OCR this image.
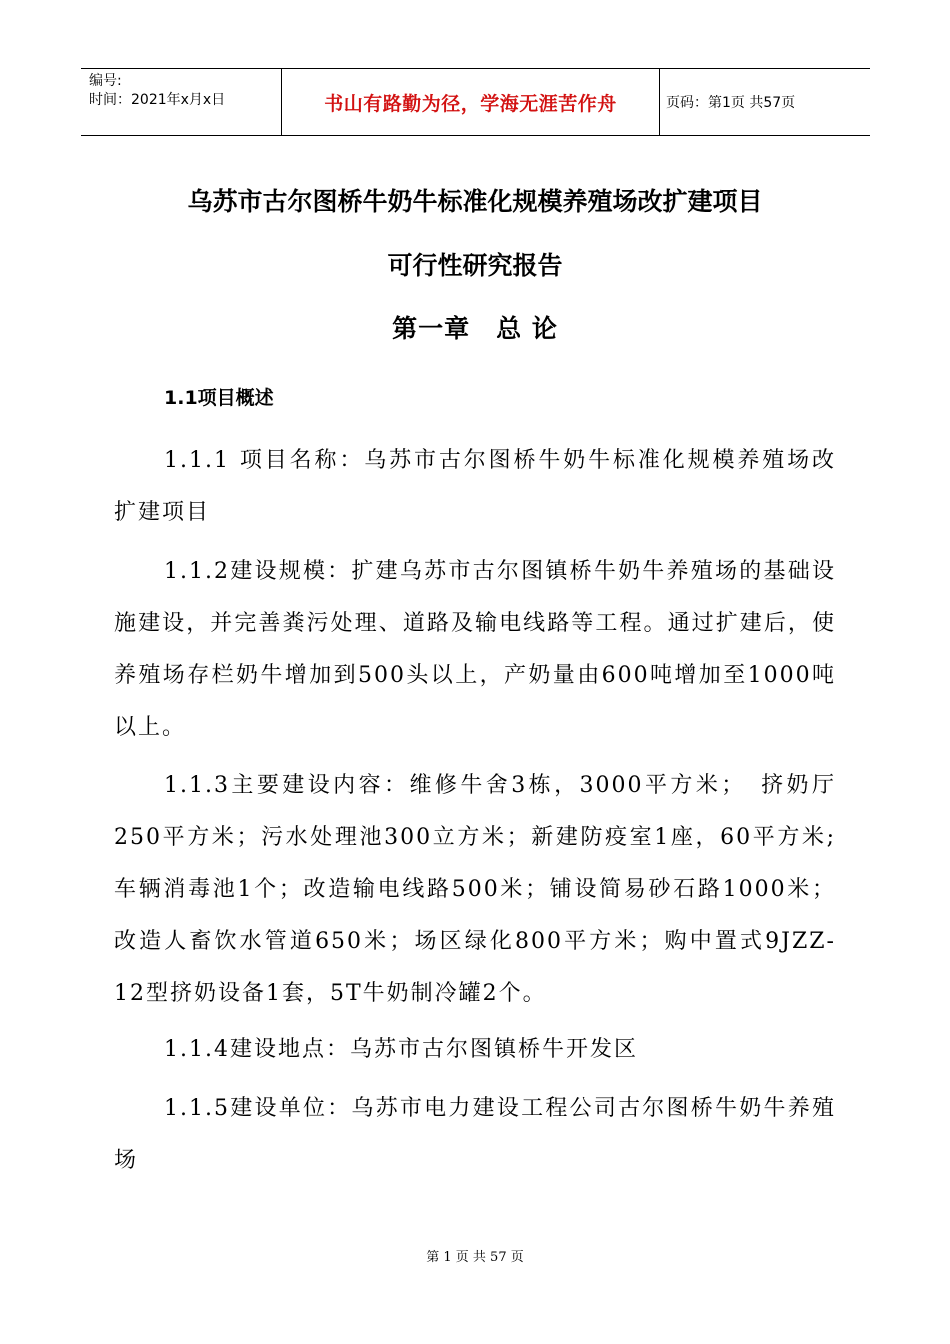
编号:
时间：2021年x月x日	书山有路勤为径，学海无涯苦作舟	页码：第1页 共57页
乌苏市古尔图桥牛奶牛标准化规模养殖场改扩建项目
可行性研究报告
第一章　总 论
1.1项目概述

1.1.1 项目名称：乌苏市古尔图桥牛奶牛标准化规模养殖场改扩建项目

1.1.2建设规模：扩建乌苏市古尔图镇桥牛奶牛养殖场的基础设施建设，并完善粪污处理、道路及输电线路等工程。通过扩建后，使养殖场存栏奶牛增加到500头以上，产奶量由600吨增加至1000吨以上。

1.1.3主要建设内容：维修牛舍3栋，3000平方米；　挤奶厅250平方米；污水处理池300立方米；新建防疫室1座，60平方米;车辆消毒池1个；改造输电线路500米；铺设简易砂石路1000米；改造人畜饮水管道650米；场区绿化800平方米；购中置式9JZZ-12型挤奶设备1套，5T牛奶制冷罐2个。

1.1.4建设地点：乌苏市古尔图镇桥牛开发区

1.1.5建设单位：乌苏市电力建设工程公司古尔图桥牛奶牛养殖场

第 1 页 共 57 页
